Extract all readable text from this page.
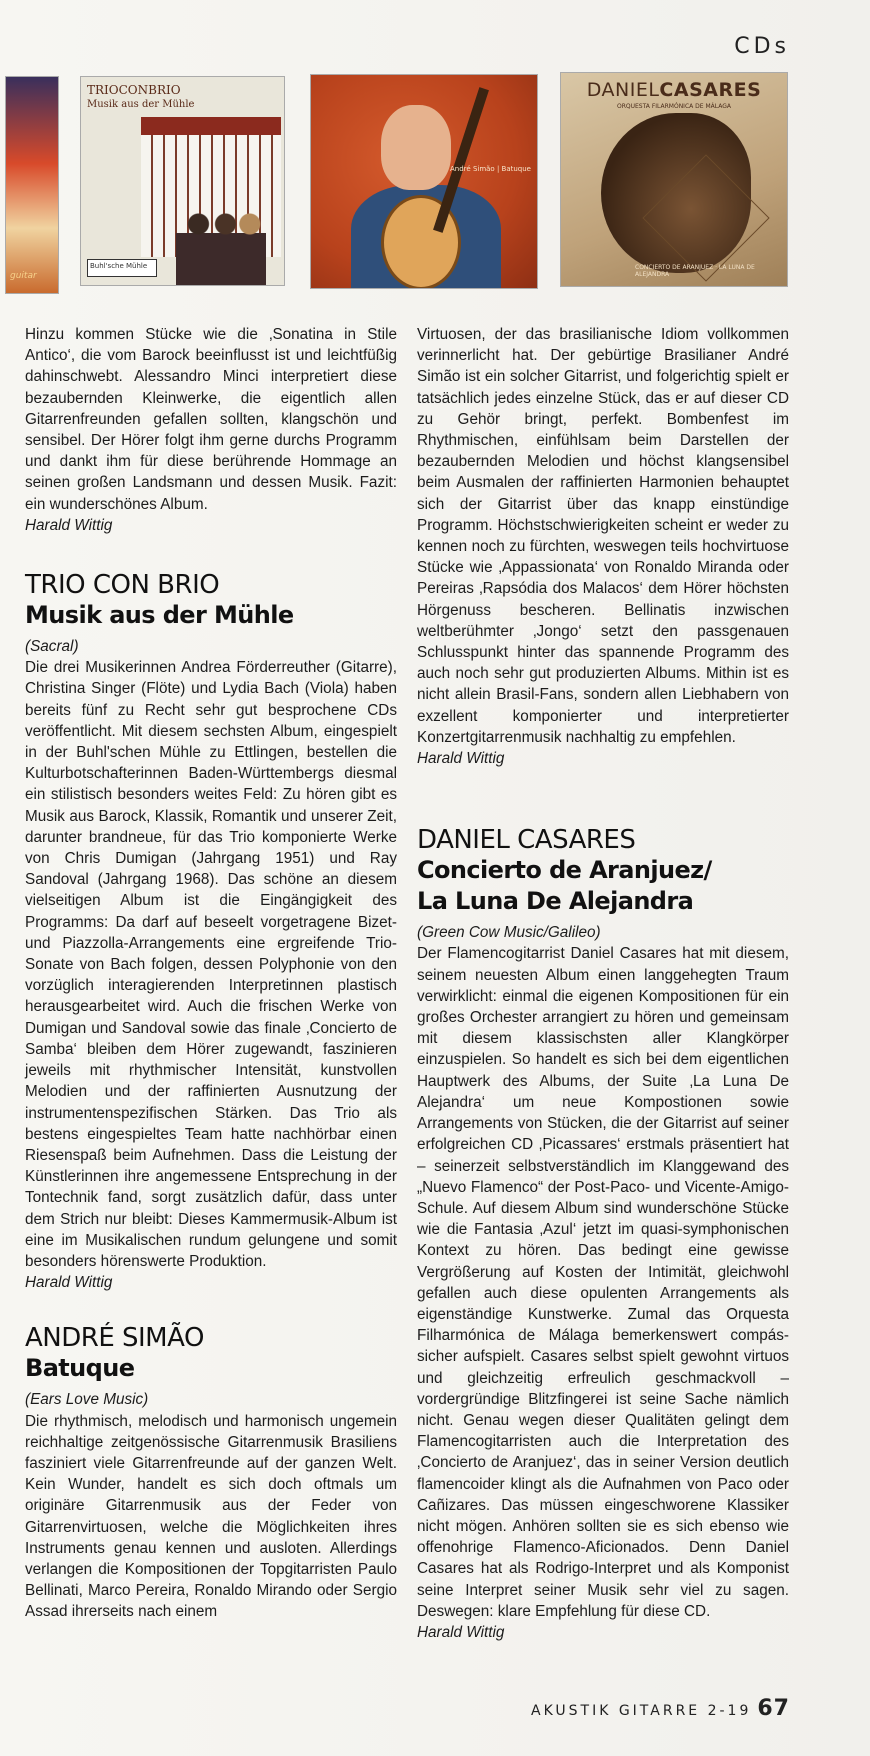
CDs
guitar
TRIOCONBRIO
Musik aus der Mühle
Buhl'sche Mühle
André Simão | Batuque
DANIELCASARES
ORQUESTA FILARMÓNICA DE MÁLAGA
CONCIERTO DE ARANJUEZ · LA LUNA DE ALEJANDRA

Hinzu kommen Stücke wie die ‚Sonatina in Stile Antico‘, die vom Barock beeinflusst ist und leichtfüßig dahinschwebt. Alessandro Minci interpretiert diese bezaubernden Kleinwerke, die eigentlich allen Gitarrenfreunden gefallen sollten, klangschön und sensibel. Der Hörer folgt ihm gerne durchs Programm und dankt ihm für diese berührende Hommage an seinen großen Landsmann und dessen Musik. Fazit: ein wunderschönes Album.

Harald Wittig

TRIO CON BRIO
Musik aus der Mühle

(Sacral)

Die drei Musikerinnen Andrea Förderreuther (Gitarre), Christina Singer (Flöte) und Lydia Bach (Viola) haben bereits fünf zu Recht sehr gut besprochene CDs veröffentlicht. Mit diesem sechsten Album, eingespielt in der Buhl'schen Mühle zu Ettlingen, bestellen die Kulturbotschafterinnen Baden-Württembergs diesmal ein stilistisch besonders weites Feld: Zu hören gibt es Musik aus Barock, Klassik, Romantik und unserer Zeit, darunter brandneue, für das Trio komponierte Werke von Chris Dumigan (Jahrgang 1951) und Ray Sandoval (Jahrgang 1968). Das schöne an diesem vielseitigen Album ist die Eingängigkeit des Programms: Da darf auf beseelt vorgetragene Bizet- und Piazzolla-Arrangements eine ergreifende Trio-Sonate von Bach folgen, dessen Polyphonie von den vorzüglich interagierenden Interpretinnen plastisch herausgearbeitet wird. Auch die frischen Werke von Dumigan und Sandoval sowie das finale ‚Concierto de Samba‘ bleiben dem Hörer zugewandt, faszinieren jeweils mit rhythmischer Intensität, kunstvollen Melodien und der raffinierten Ausnutzung der instrumentenspezifischen Stärken. Das Trio als bestens eingespieltes Team hatte nachhörbar einen Riesenspaß beim Aufnehmen. Dass die Leistung der Künstlerinnen ihre angemessene Entsprechung in der Tontechnik fand, sorgt zusätzlich dafür, dass unter dem Strich nur bleibt: Dieses Kammermusik-Album ist eine im Musikalischen rundum gelungene und somit besonders hörenswerte Produktion.

Harald Wittig

ANDRÉ SIMÃO
Batuque

(Ears Love Music)

Die rhythmisch, melodisch und harmonisch ungemein reichhaltige zeitgenössische Gitarrenmusik Brasiliens fasziniert viele Gitarrenfreunde auf der ganzen Welt. Kein Wunder, handelt es sich doch oftmals um originäre Gitarrenmusik aus der Feder von Gitarrenvirtuosen, welche die Möglichkeiten ihres Instruments genau kennen und ausloten. Allerdings verlangen die Kompositionen der Topgitarristen Paulo Bellinati, Marco Pereira, Ronaldo Mirando oder Sergio Assad ihrerseits nach einem

Virtuosen, der das brasilianische Idiom vollkommen verinnerlicht hat. Der gebürtige Brasilianer André Simão ist ein solcher Gitarrist, und folgerichtig spielt er tatsächlich jedes einzelne Stück, das er auf dieser CD zu Gehör bringt, perfekt. Bombenfest im Rhythmischen, einfühlsam beim Darstellen der bezaubernden Melodien und höchst klangsensibel beim Ausmalen der raffinierten Harmonien behauptet sich der Gitarrist über das knapp einstündige Programm. Höchstschwierigkeiten scheint er weder zu kennen noch zu fürchten, weswegen teils hochvirtuose Stücke wie ‚Appassionata‘ von Ronaldo Miranda oder Pereiras ‚Rapsódia dos Malacos‘ dem Hörer höchsten Hörgenuss bescheren. Bellinatis inzwischen weltberühmter ‚Jongo‘ setzt den passgenauen Schlusspunkt hinter das spannende Programm des auch noch sehr gut produzierten Albums. Mithin ist es nicht allein Brasil-Fans, sondern allen Liebhabern von exzellent komponierter und interpretierter Konzertgitarrenmusik nachhaltig zu empfehlen.

Harald Wittig

DANIEL CASARES
Concierto de Aranjuez/
La Luna De Alejandra

(Green Cow Music/Galileo)

Der Flamencogitarrist Daniel Casares hat mit diesem, seinem neuesten Album einen langgehegten Traum verwirklicht: einmal die eigenen Kompositionen für ein großes Orchester arrangiert zu hören und gemeinsam mit diesem klassischsten aller Klangkörper einzuspielen. So handelt es sich bei dem eigentlichen Hauptwerk des Albums, der Suite ‚La Luna De Alejandra‘ um neue Kompostionen sowie Arrangements von Stücken, die der Gitarrist auf seiner erfolgreichen CD ‚Picassares‘ erstmals präsentiert hat – seinerzeit selbstverständlich im Klanggewand des „Nuevo Flamenco“ der Post-Paco- und Vicente-Amigo-Schule. Auf diesem Album sind wunderschöne Stücke wie die Fantasia ‚Azul‘ jetzt im quasi-symphonischen Kontext zu hören. Das bedingt eine gewisse Vergrößerung auf Kosten der Intimität, gleichwohl gefallen auch diese opulenten Arrangements als eigenständige Kunstwerke. Zumal das Orquesta Filharmónica de Málaga bemerkenswert compás-sicher aufspielt. Casares selbst spielt gewohnt virtuos und gleichzeitig erfreulich geschmackvoll – vordergründige Blitzfingerei ist seine Sache nämlich nicht. Genau wegen dieser Qualitäten gelingt dem Flamencogitarristen auch die Interpretation des ‚Concierto de Aranjuez‘, das in seiner Version deutlich flamencoider klingt als die Aufnahmen von Paco oder Cañizares. Das müssen eingeschworene Klassiker nicht mögen. Anhören sollten sie es sich ebenso wie offenohrige Flamenco-Aficionados. Denn Daniel Casares hat als Rodrigo-Interpret und als Komponist seine Interpret seiner Musik sehr viel zu sagen. Deswegen: klare Empfehlung für diese CD.

Harald Wittig

AKUSTIK GITARRE 2-19 67
